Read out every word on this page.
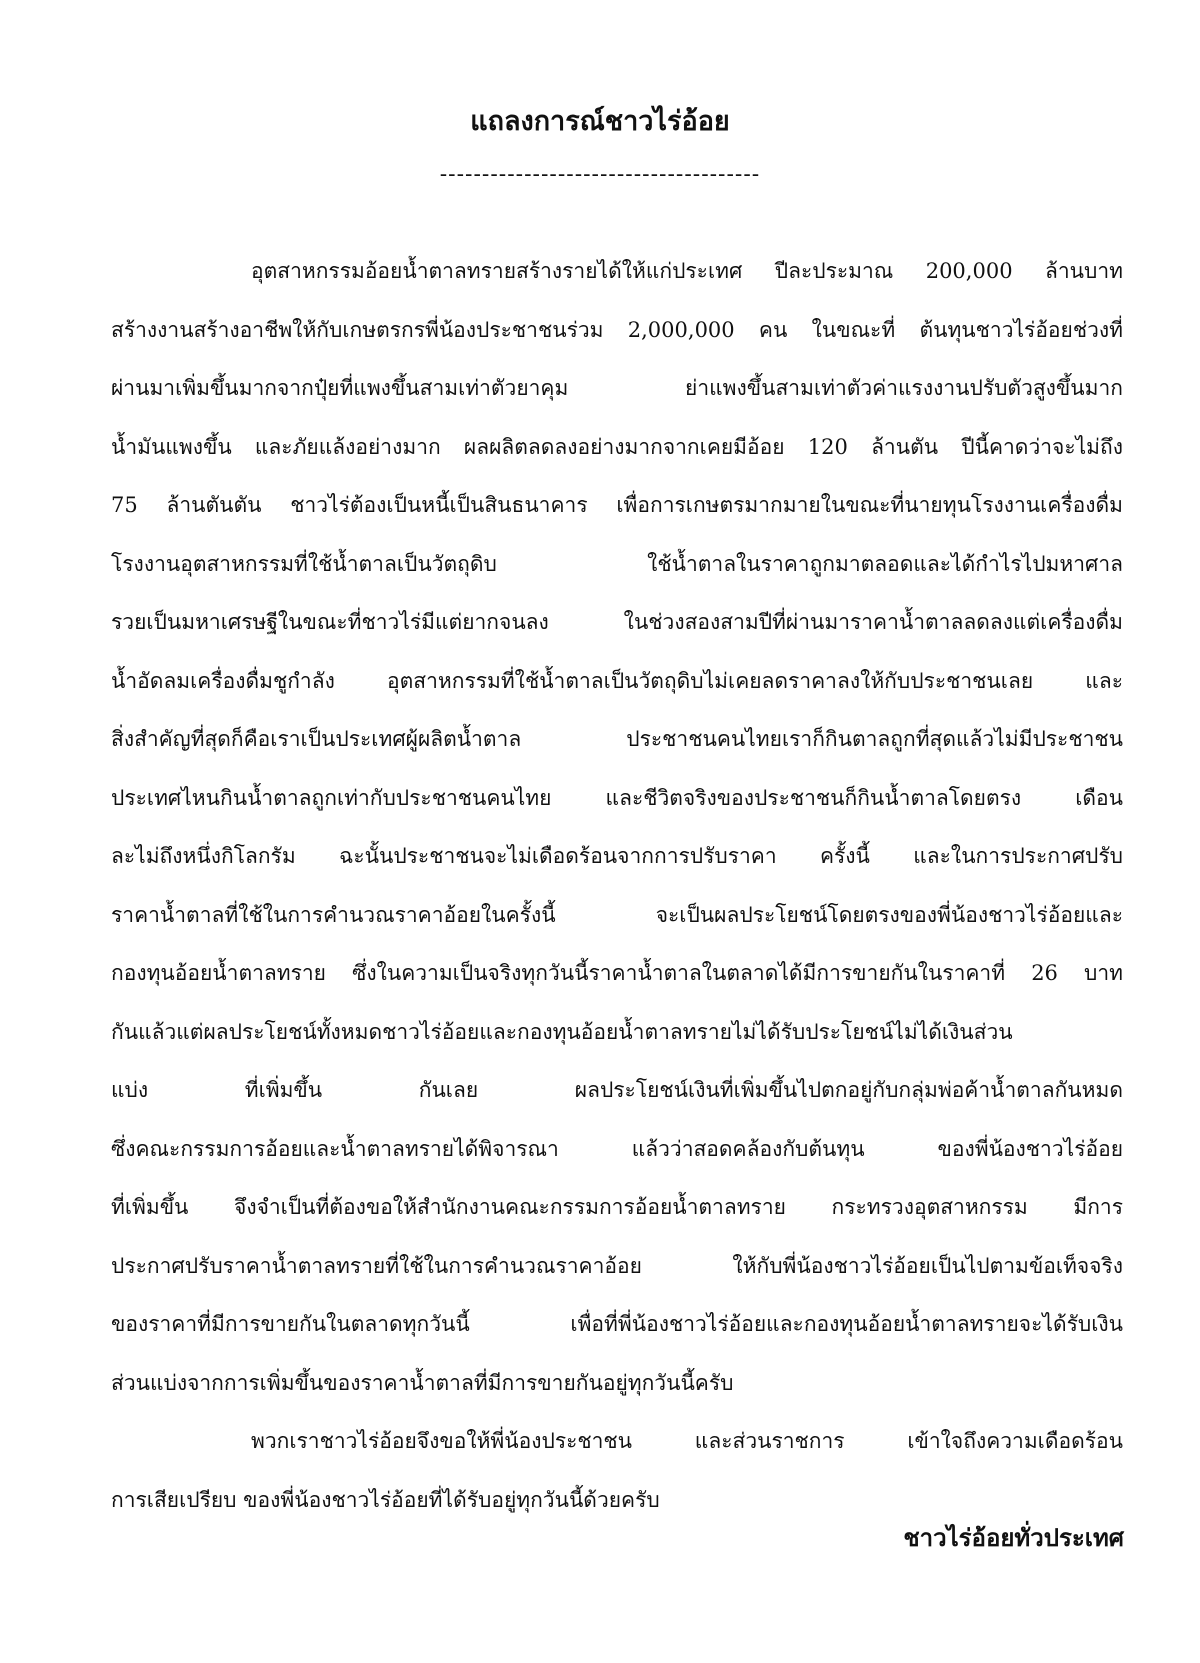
แถลงการณ์ชาวไร่อ้อย
--------------------------------------
อุตสาหกรรมอ้อยน้ำตาลทรายสร้างรายได้ให้แก่ประเทศ ปีละประมาณ 200,000 ล้านบาท
สร้างงานสร้างอาชีพให้กับเกษตรกรพี่น้องประชาชนร่วม 2,000,000 คน ในขณะที่ ต้นทุนชาวไร่อ้อยช่วงที่
ผ่านมาเพิ่มขึ้นมากจากปุ๋ยที่แพงขึ้นสามเท่าตัวยาคุม ย่าแพงขึ้นสามเท่าตัวค่าแรงงานปรับตัวสูงขึ้นมาก
น้ำมันแพงขึ้น และภัยแล้งอย่างมาก ผลผลิตลดลงอย่างมากจากเคยมีอ้อย 120 ล้านตัน ปีนี้คาดว่าจะไม่ถึง
75 ล้านตันตัน ชาวไร่ต้องเป็นหนี้เป็นสินธนาคาร เพื่อการเกษตรมากมายในขณะที่นายทุนโรงงานเครื่องดื่ม
โรงงานอุตสาหกรรมที่ใช้น้ำตาลเป็นวัตถุดิบ ใช้น้ำตาลในราคาถูกมาตลอดและได้กำไรไปมหาศาล
รวยเป็นมหาเศรษฐีในขณะที่ชาวไร่มีแต่ยากจนลง ในช่วงสองสามปีที่ผ่านมาราคาน้ำตาลลดลงแต่เครื่องดื่ม
น้ำอัดลมเครื่องดื่มชูกำลัง อุตสาหกรรมที่ใช้น้ำตาลเป็นวัตถุดิบไม่เคยลดราคาลงให้กับประชาชนเลย และ
สิ่งสำคัญที่สุดก็คือเราเป็นประเทศผู้ผลิตน้ำตาล ประชาชนคนไทยเราก็กินตาลถูกที่สุดแล้วไม่มีประชาชน
ประเทศไหนกินน้ำตาลถูกเท่ากับประชาชนคนไทย และชีวิตจริงของประชาชนก็กินน้ำตาลโดยตรง เดือน
ละไม่ถึงหนึ่งกิโลกรัม ฉะนั้นประชาชนจะไม่เดือดร้อนจากการปรับราคา ครั้งนี้ และในการประกาศปรับ
ราคาน้ำตาลที่ใช้ในการคำนวณราคาอ้อยในครั้งนี้ จะเป็นผลประโยชน์โดยตรงของพี่น้องชาวไร่อ้อยและ
กองทุนอ้อยน้ำตาลทราย ซึ่งในความเป็นจริงทุกวันนี้ราคาน้ำตาลในตลาดได้มีการขายกันในราคาที่ 26 บาท
กันแล้วแต่ผลประโยชน์ทั้งหมดชาวไร่อ้อยและกองทุนอ้อยน้ำตาลทรายไม่ได้รับประโยชน์ไม่ได้เงินส่วน
แบ่ง ที่เพิ่มขึ้น กันเลย ผลประโยชน์เงินที่เพิ่มขึ้นไปตกอยู่กับกลุ่มพ่อค้าน้ำตาลกันหมด
ซึ่งคณะกรรมการอ้อยและน้ำตาลทรายได้พิจารณา แล้วว่าสอดคล้องกับต้นทุน ของพี่น้องชาวไร่อ้อย
ที่เพิ่มขึ้น จึงจำเป็นที่ต้องขอให้สำนักงานคณะกรรมการอ้อยน้ำตาลทราย กระทรวงอุตสาหกรรม มีการ
ประกาศปรับราคาน้ำตาลทรายที่ใช้ในการคำนวณราคาอ้อย ให้กับพี่น้องชาวไร่อ้อยเป็นไปตามข้อเท็จจริง
ของราคาที่มีการขายกันในตลาดทุกวันนี้ เพื่อที่พี่น้องชาวไร่อ้อยและกองทุนอ้อยน้ำตาลทรายจะได้รับเงิน
ส่วนแบ่งจากการเพิ่มขึ้นของราคาน้ำตาลที่มีการขายกันอยู่ทุกวันนี้ครับ
พวกเราชาวไร่อ้อยจึงขอให้พี่น้องประชาชน และส่วนราชการ เข้าใจถึงความเดือดร้อน
การเสียเปรียบ ของพี่น้องชาวไร่อ้อยที่ได้รับอยู่ทุกวันนี้ด้วยครับ
ชาวไร่อ้อยทั่วประเทศ
